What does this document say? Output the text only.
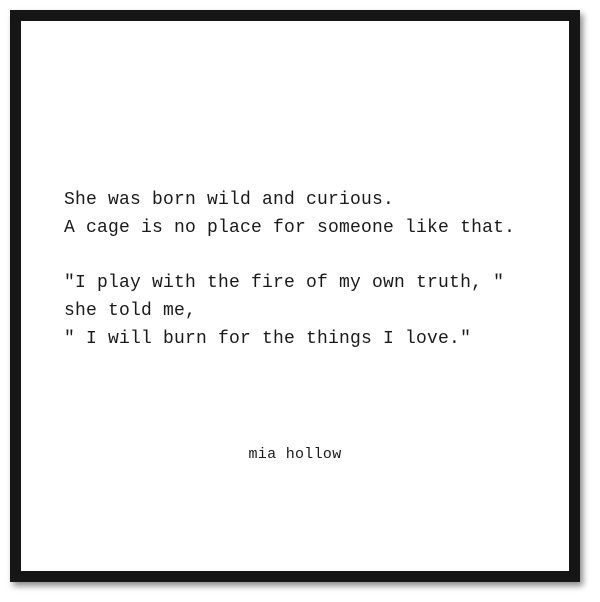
She was born wild and curious.
A cage is no place for someone like that.
"I play with the fire of my own truth, "
she told me,
" I will burn for the things I love."
mia hollow
